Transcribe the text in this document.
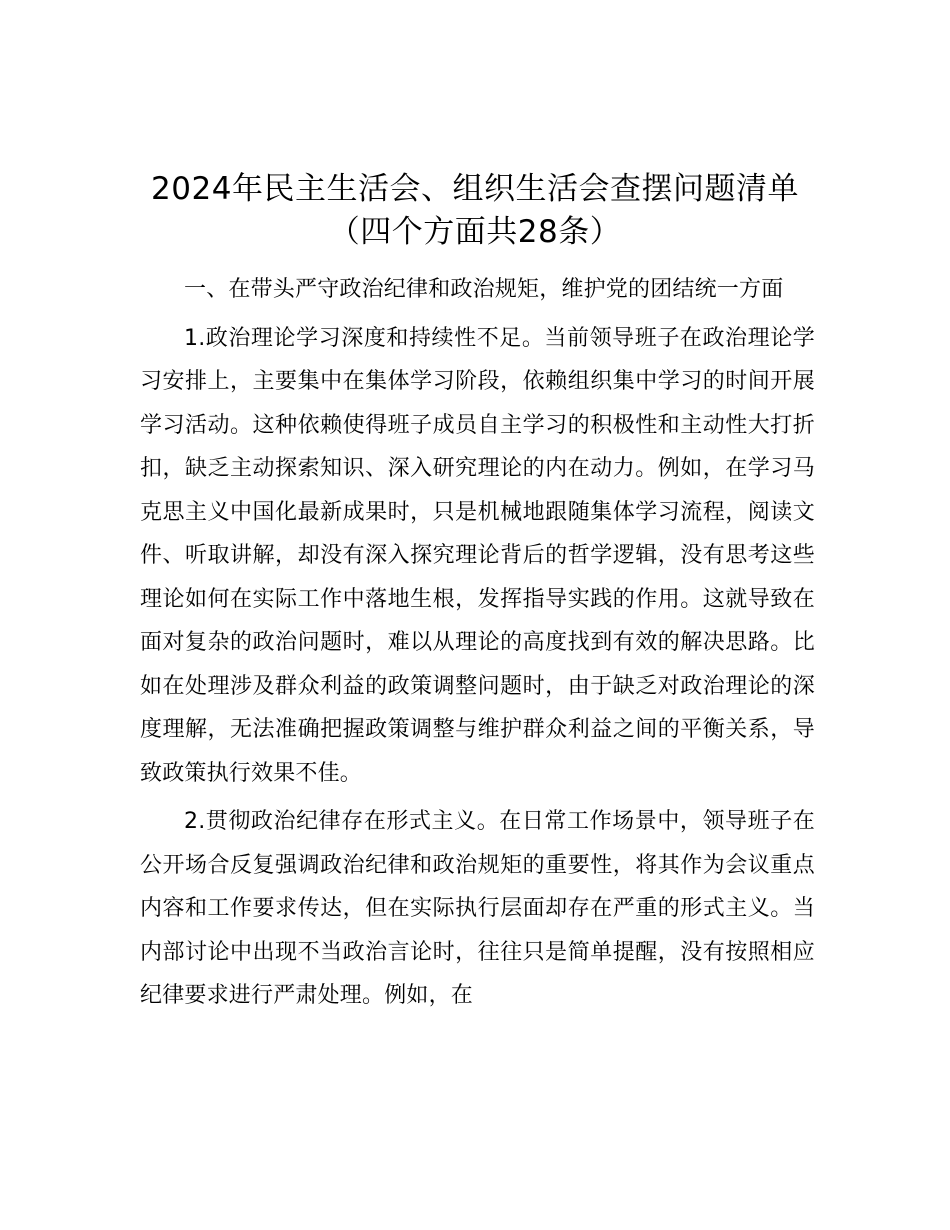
2024年民主生活会、组织生活会查摆问题清单（四个方面共28条）

一、在带头严守政治纪律和政治规矩，维护党的团结统一方面

1.政治理论学习深度和持续性不足。当前领导班子在政治理论学习安排上，主要集中在集体学习阶段，依赖组织集中学习的时间开展学习活动。这种依赖使得班子成员自主学习的积极性和主动性大打折扣，缺乏主动探索知识、深入研究理论的内在动力。例如，在学习马克思主义中国化最新成果时，只是机械地跟随集体学习流程，阅读文件、听取讲解，却没有深入探究理论背后的哲学逻辑，没有思考这些理论如何在实际工作中落地生根，发挥指导实践的作用。这就导致在面对复杂的政治问题时，难以从理论的高度找到有效的解决思路。比如在处理涉及群众利益的政策调整问题时，由于缺乏对政治理论的深度理解，无法准确把握政策调整与维护群众利益之间的平衡关系，导致政策执行效果不佳。

2.贯彻政治纪律存在形式主义。在日常工作场景中，领导班子在公开场合反复强调政治纪律和政治规矩的重要性，将其作为会议重点内容和工作要求传达，但在实际执行层面却存在严重的形式主义。当内部讨论中出现不当政治言论时，往往只是简单提醒，没有按照相应纪律要求进行严肃处理。例如，在
